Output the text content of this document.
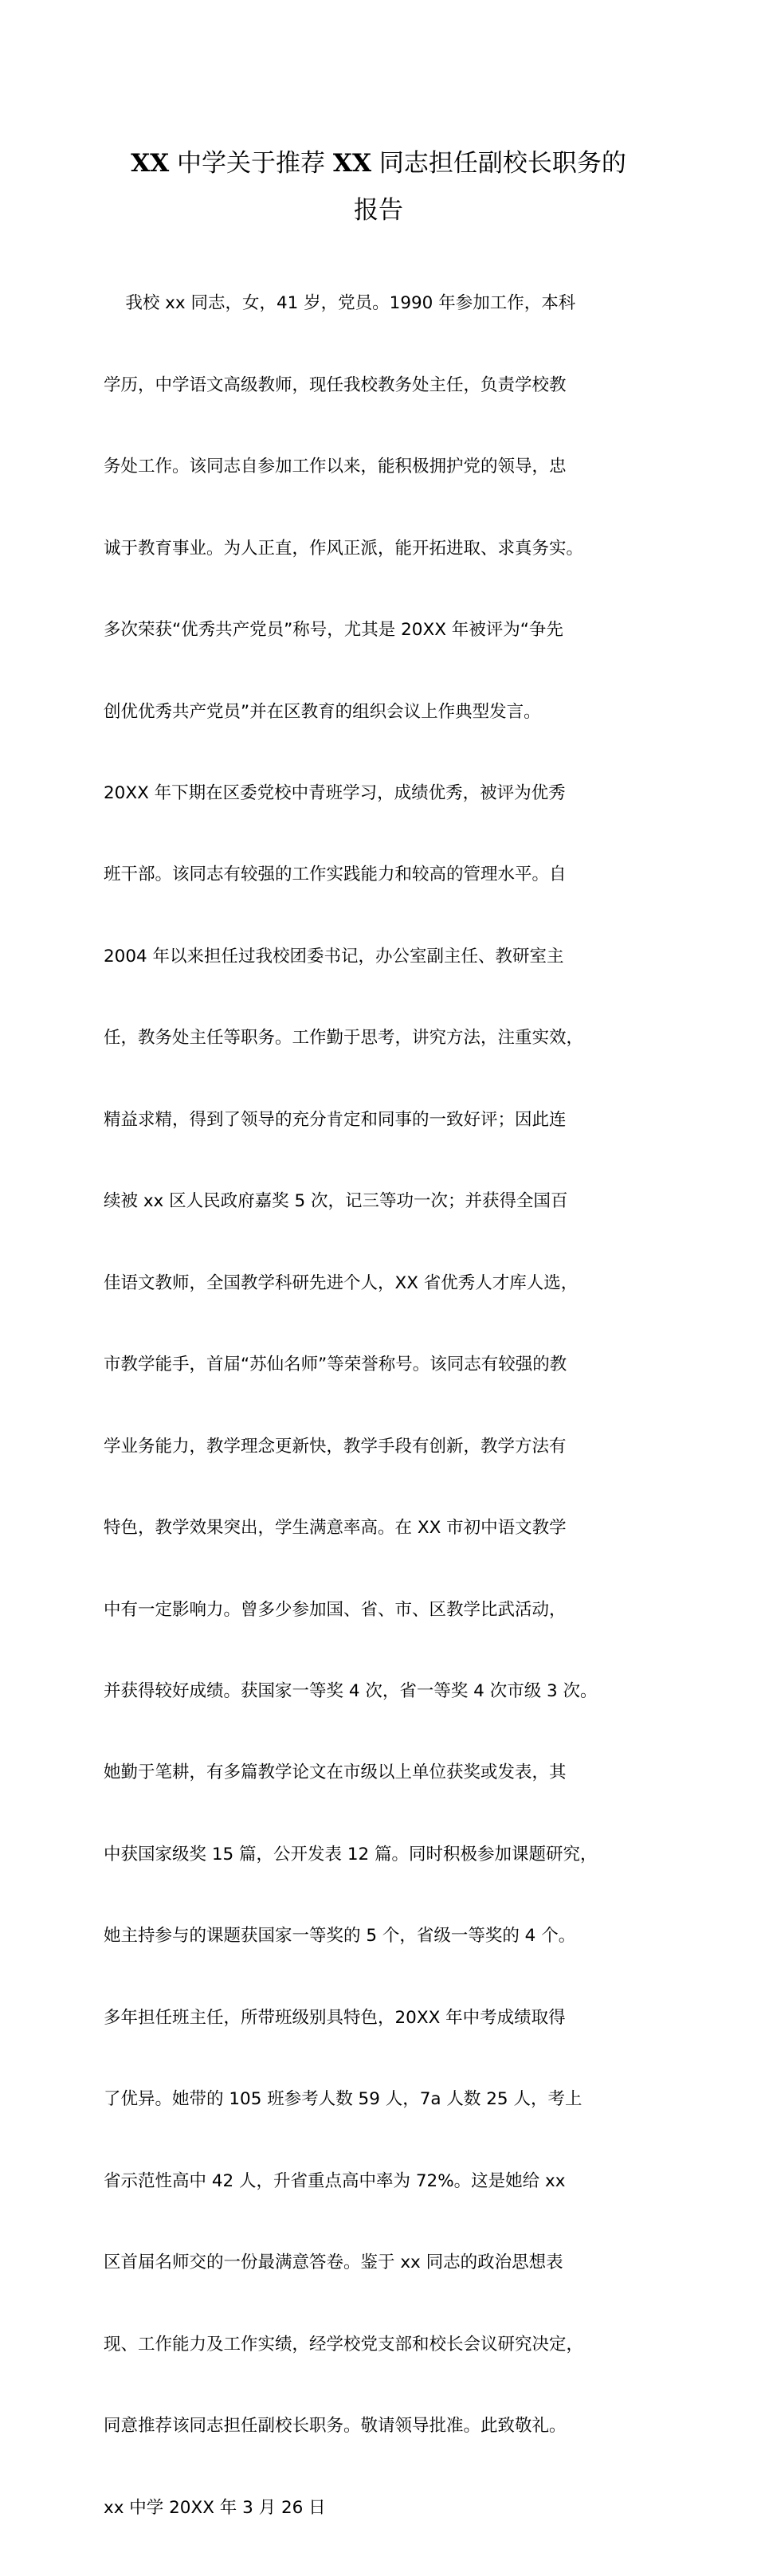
XX 中学关于推荐 XX 同志担任副校长职务的
报告

我校 xx 同志，女，41 岁，党员。1990 年参加工作，本科

学历，中学语文高级教师，现任我校教务处主任，负责学校教

务处工作。该同志自参加工作以来，能积极拥护党的领导，忠

诚于教育事业。为人正直，作风正派，能开拓进取、求真务实。

多次荣获“优秀共产党员”称号，尤其是 20XX 年被评为“争先

创优优秀共产党员”并在区教育的组织会议上作典型发言。

20XX 年下期在区委党校中青班学习，成绩优秀，被评为优秀

班干部。该同志有较强的工作实践能力和较高的管理水平。自

2004 年以来担任过我校团委书记，办公室副主任、教研室主

任，教务处主任等职务。工作勤于思考，讲究方法，注重实效，

精益求精，得到了领导的充分肯定和同事的一致好评；因此连

续被 xx 区人民政府嘉奖 5 次，记三等功一次；并获得全国百

佳语文教师，全国教学科研先进个人，XX 省优秀人才库人选，

市教学能手，首届“苏仙名师”等荣誉称号。该同志有较强的教

学业务能力，教学理念更新快，教学手段有创新，教学方法有

特色，教学效果突出，学生满意率高。在 XX 市初中语文教学

中有一定影响力。曾多少参加国、省、市、区教学比武活动，

并获得较好成绩。获国家一等奖 4 次，省一等奖 4 次市级 3 次。

她勤于笔耕，有多篇教学论文在市级以上单位获奖或发表，其

中获国家级奖 15 篇，公开发表 12 篇。同时积极参加课题研究，

她主持参与的课题获国家一等奖的 5 个，省级一等奖的 4 个。

多年担任班主任，所带班级别具特色，20XX 年中考成绩取得

了优异。她带的 105 班参考人数 59 人，7a 人数 25 人，考上

省示范性高中 42 人，升省重点高中率为 72%。这是她给 xx

区首届名师交的一份最满意答卷。鉴于 xx 同志的政治思想表

现、工作能力及工作实绩，经学校党支部和校长会议研究决定，

同意推荐该同志担任副校长职务。敬请领导批准。此致敬礼。

xx 中学 20XX 年 3 月 26 日
